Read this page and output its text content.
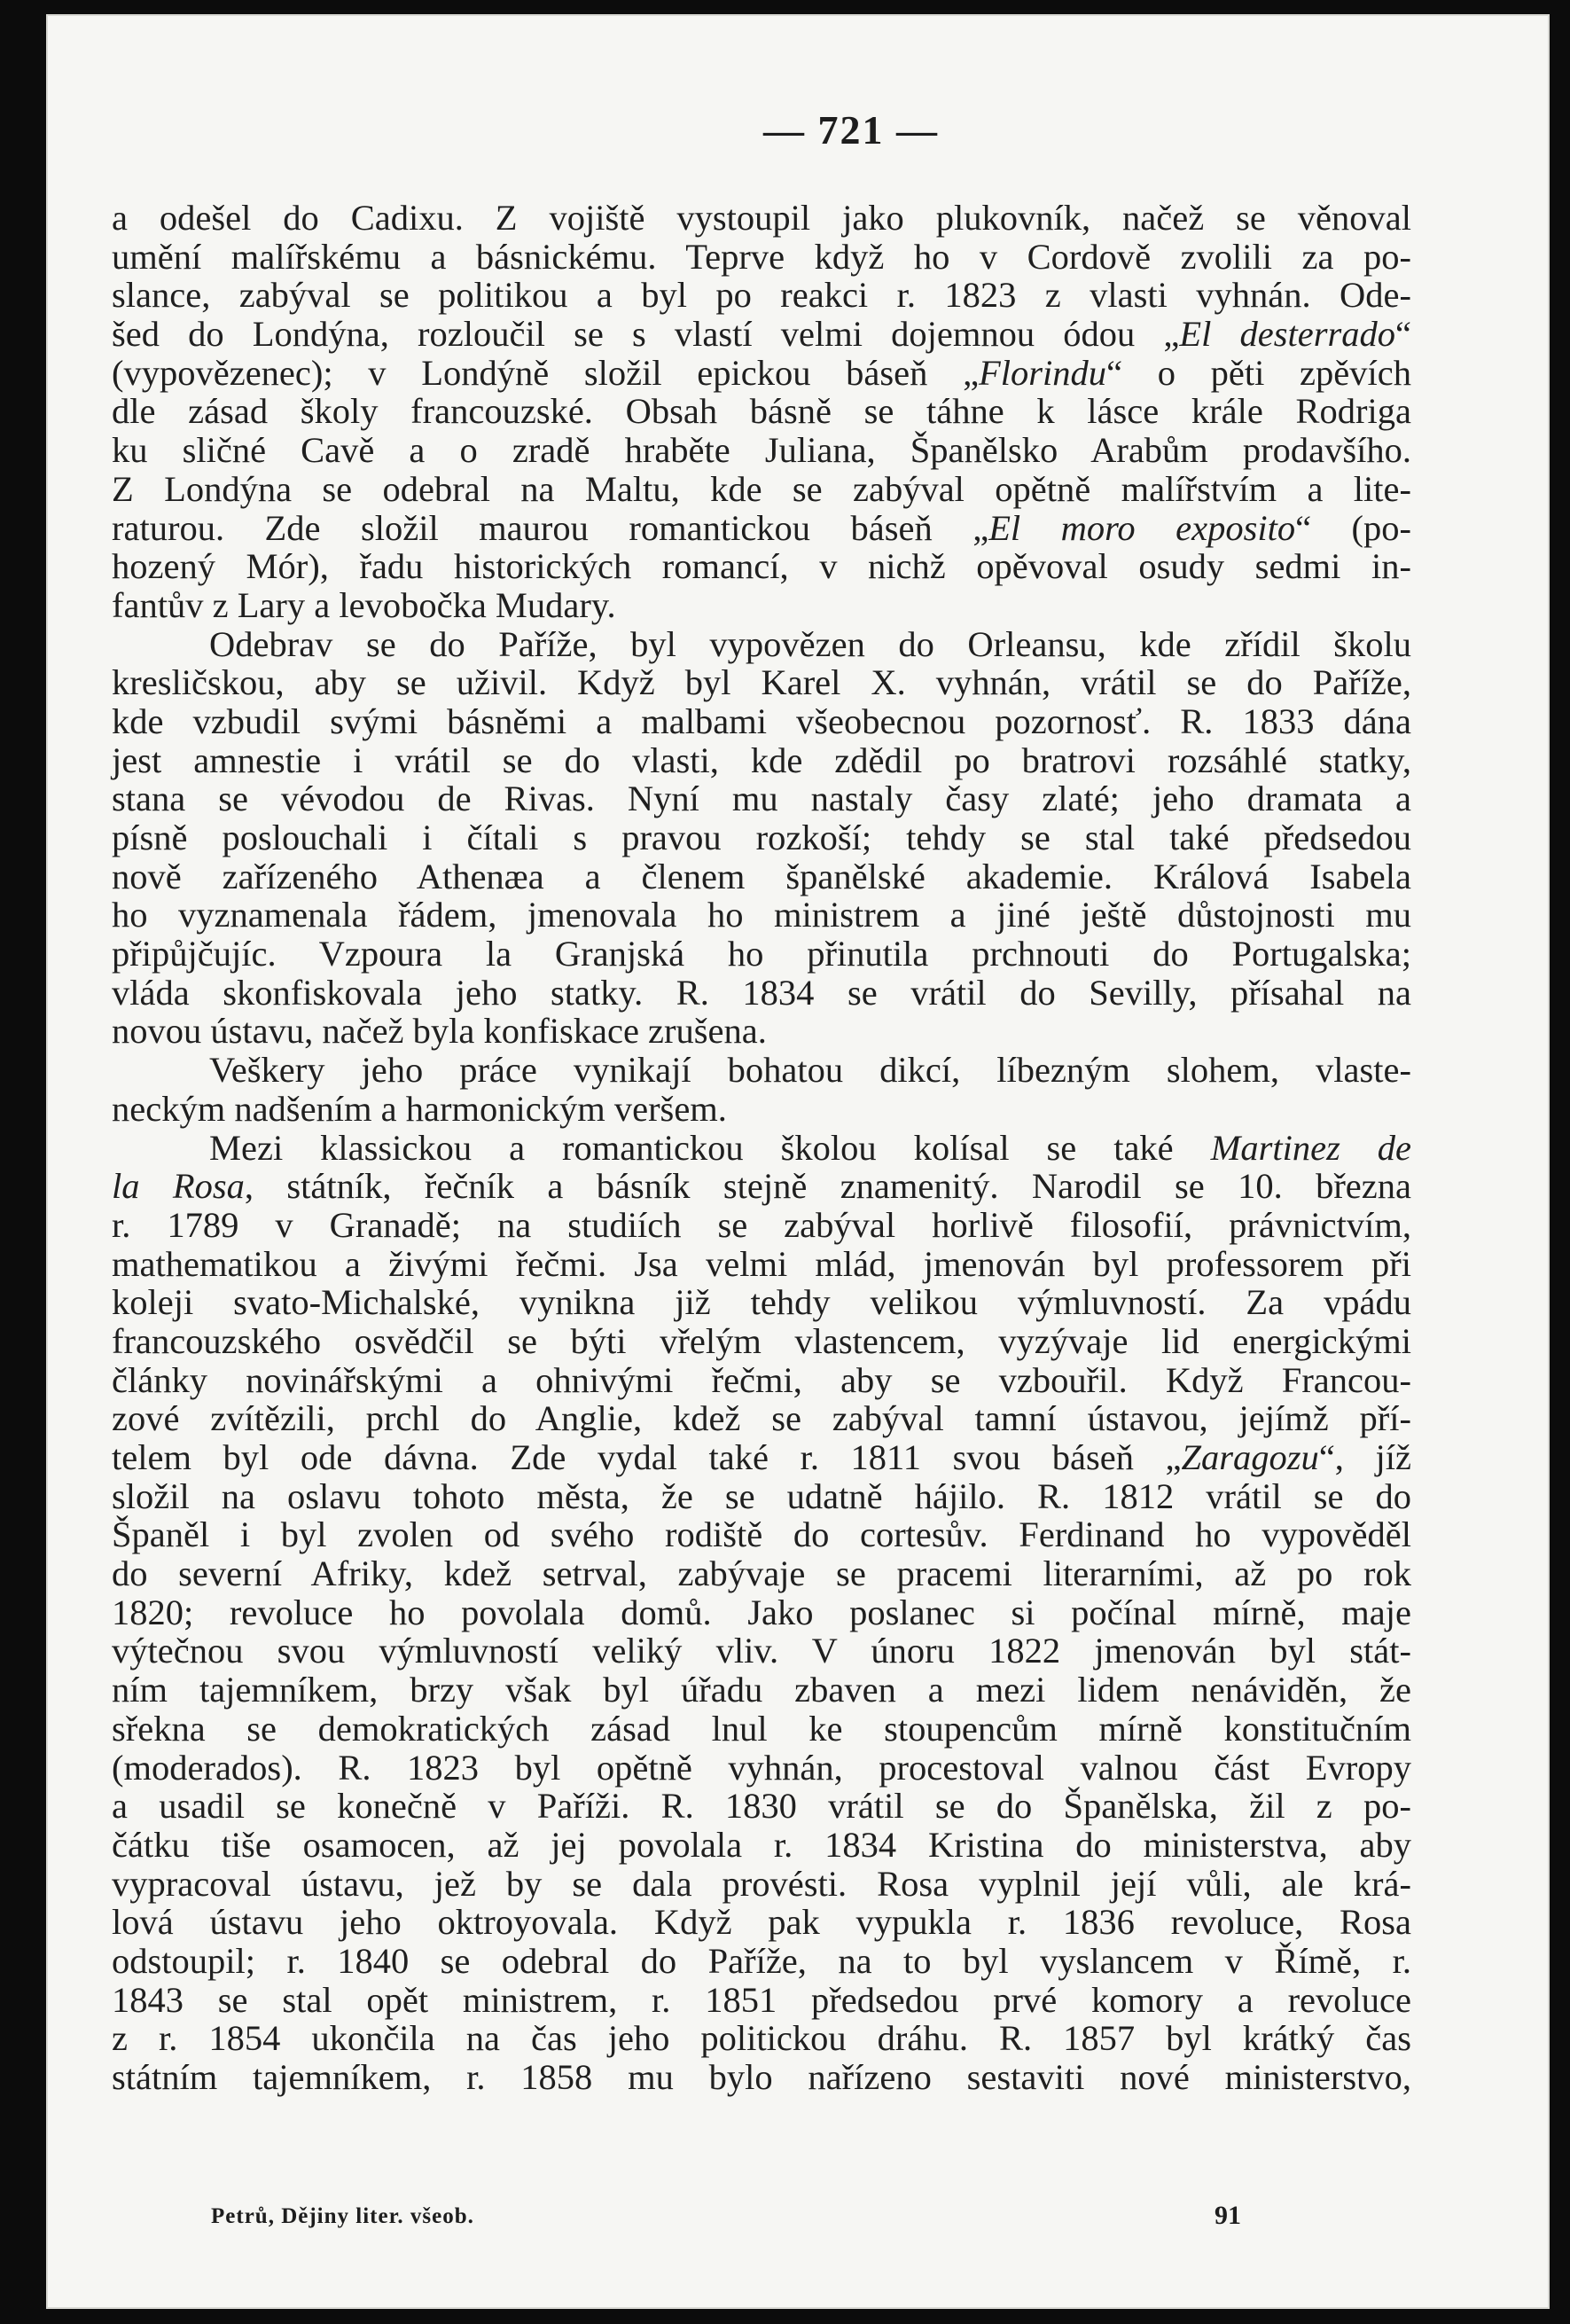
— 721 —
a odešel do Cadixu. Z vojiště vystoupil jako plukovník, načež se věnoval
umění malířskému a básnickému. Teprve když ho v Cordově zvolili za po-
slance, zabýval se politikou a byl po reakci r. 1823 z vlasti vyhnán. Ode-
šed do Londýna, rozloučil se s vlastí velmi dojemnou ódou „El desterrado“
(vypovězenec); v Londýně složil epickou báseň „Florindu“ o pěti zpěvích
dle zásad školy francouzské. Obsah básně se táhne k lásce krále Rodriga
ku sličné Cavě a o zradě hraběte Juliana, Španělsko Arabům prodavšího.
Z Londýna se odebral na Maltu, kde se zabýval opětně malířstvím a lite-
raturou. Zde složil maurou romantickou báseň „El moro exposito“ (po-
hozený Mór), řadu historických romancí, v nichž opěvoval osudy sedmi in-
fantův z Lary a levobočka Mudary.
Odebrav se do Paříže, byl vypovězen do Orleansu, kde zřídil školu
kresličskou, aby se uživil. Když byl Karel X. vyhnán, vrátil se do Paříže,
kde vzbudil svými básněmi a malbami všeobecnou pozornosť. R. 1833 dána
jest amnestie i vrátil se do vlasti, kde zdědil po bratrovi rozsáhlé statky,
stana se vévodou de Rivas. Nyní mu nastaly časy zlaté; jeho dramata a
písně poslouchali i čítali s pravou rozkoší; tehdy se stal také předsedou
nově zařízeného Athenæa a členem španělské akademie. Králová Isabela
ho vyznamenala řádem, jmenovala ho ministrem a jiné ještě důstojnosti mu
připůjčujíc. Vzpoura la Granjská ho přinutila prchnouti do Portugalska;
vláda skonfiskovala jeho statky. R. 1834 se vrátil do Sevilly, přísahal na
novou ústavu, načež byla konfiskace zrušena.
Veškery jeho práce vynikají bohatou dikcí, líbezným slohem, vlaste-
neckým nadšením a harmonickým veršem.
Mezi klassickou a romantickou školou kolísal se také Martinez de
la Rosa, státník, řečník a básník stejně znamenitý. Narodil se 10. března
r. 1789 v Granadě; na studiích se zabýval horlivě filosofií, právnictvím,
mathematikou a živými řečmi. Jsa velmi mlád, jmenován byl professorem při
koleji svato-Michalské, vynikna již tehdy velikou výmluvností. Za vpádu
francouzského osvědčil se býti vřelým vlastencem, vyzývaje lid energickými
články novinářskými a ohnivými řečmi, aby se vzbouřil. Když Francou-
zové zvítězili, prchl do Anglie, kdež se zabýval tamní ústavou, jejímž pří-
telem byl ode dávna. Zde vydal také r. 1811 svou báseň „Zaragozu“, jíž
složil na oslavu tohoto města, že se udatně hájilo. R. 1812 vrátil se do
Španěl i byl zvolen od svého rodiště do cortesův. Ferdinand ho vypověděl
do severní Afriky, kdež setrval, zabývaje se pracemi literarními, až po rok
1820; revoluce ho povolala domů. Jako poslanec si počínal mírně, maje
výtečnou svou výmluvností veliký vliv. V únoru 1822 jmenován byl stát-
ním tajemníkem, brzy však byl úřadu zbaven a mezi lidem nenáviděn, že
sřekna se demokratických zásad lnul ke stoupencům mírně konstitučním
(moderados). R. 1823 byl opětně vyhnán, procestoval valnou část Evropy
a usadil se konečně v Paříži. R. 1830 vrátil se do Španělska, žil z po-
čátku tiše osamocen, až jej povolala r. 1834 Kristina do ministerstva, aby
vypracoval ústavu, jež by se dala provésti. Rosa vyplnil její vůli, ale krá-
lová ústavu jeho oktroyovala. Když pak vypukla r. 1836 revoluce, Rosa
odstoupil; r. 1840 se odebral do Paříže, na to byl vyslancem v Římě, r.
1843 se stal opět ministrem, r. 1851 předsedou prvé komory a revoluce
z r. 1854 ukončila na čas jeho politickou dráhu. R. 1857 byl krátký čas
státním tajemníkem, r. 1858 mu bylo nařízeno sestaviti nové ministerstvo,
Petrů, Dějiny liter. všeob.	91
